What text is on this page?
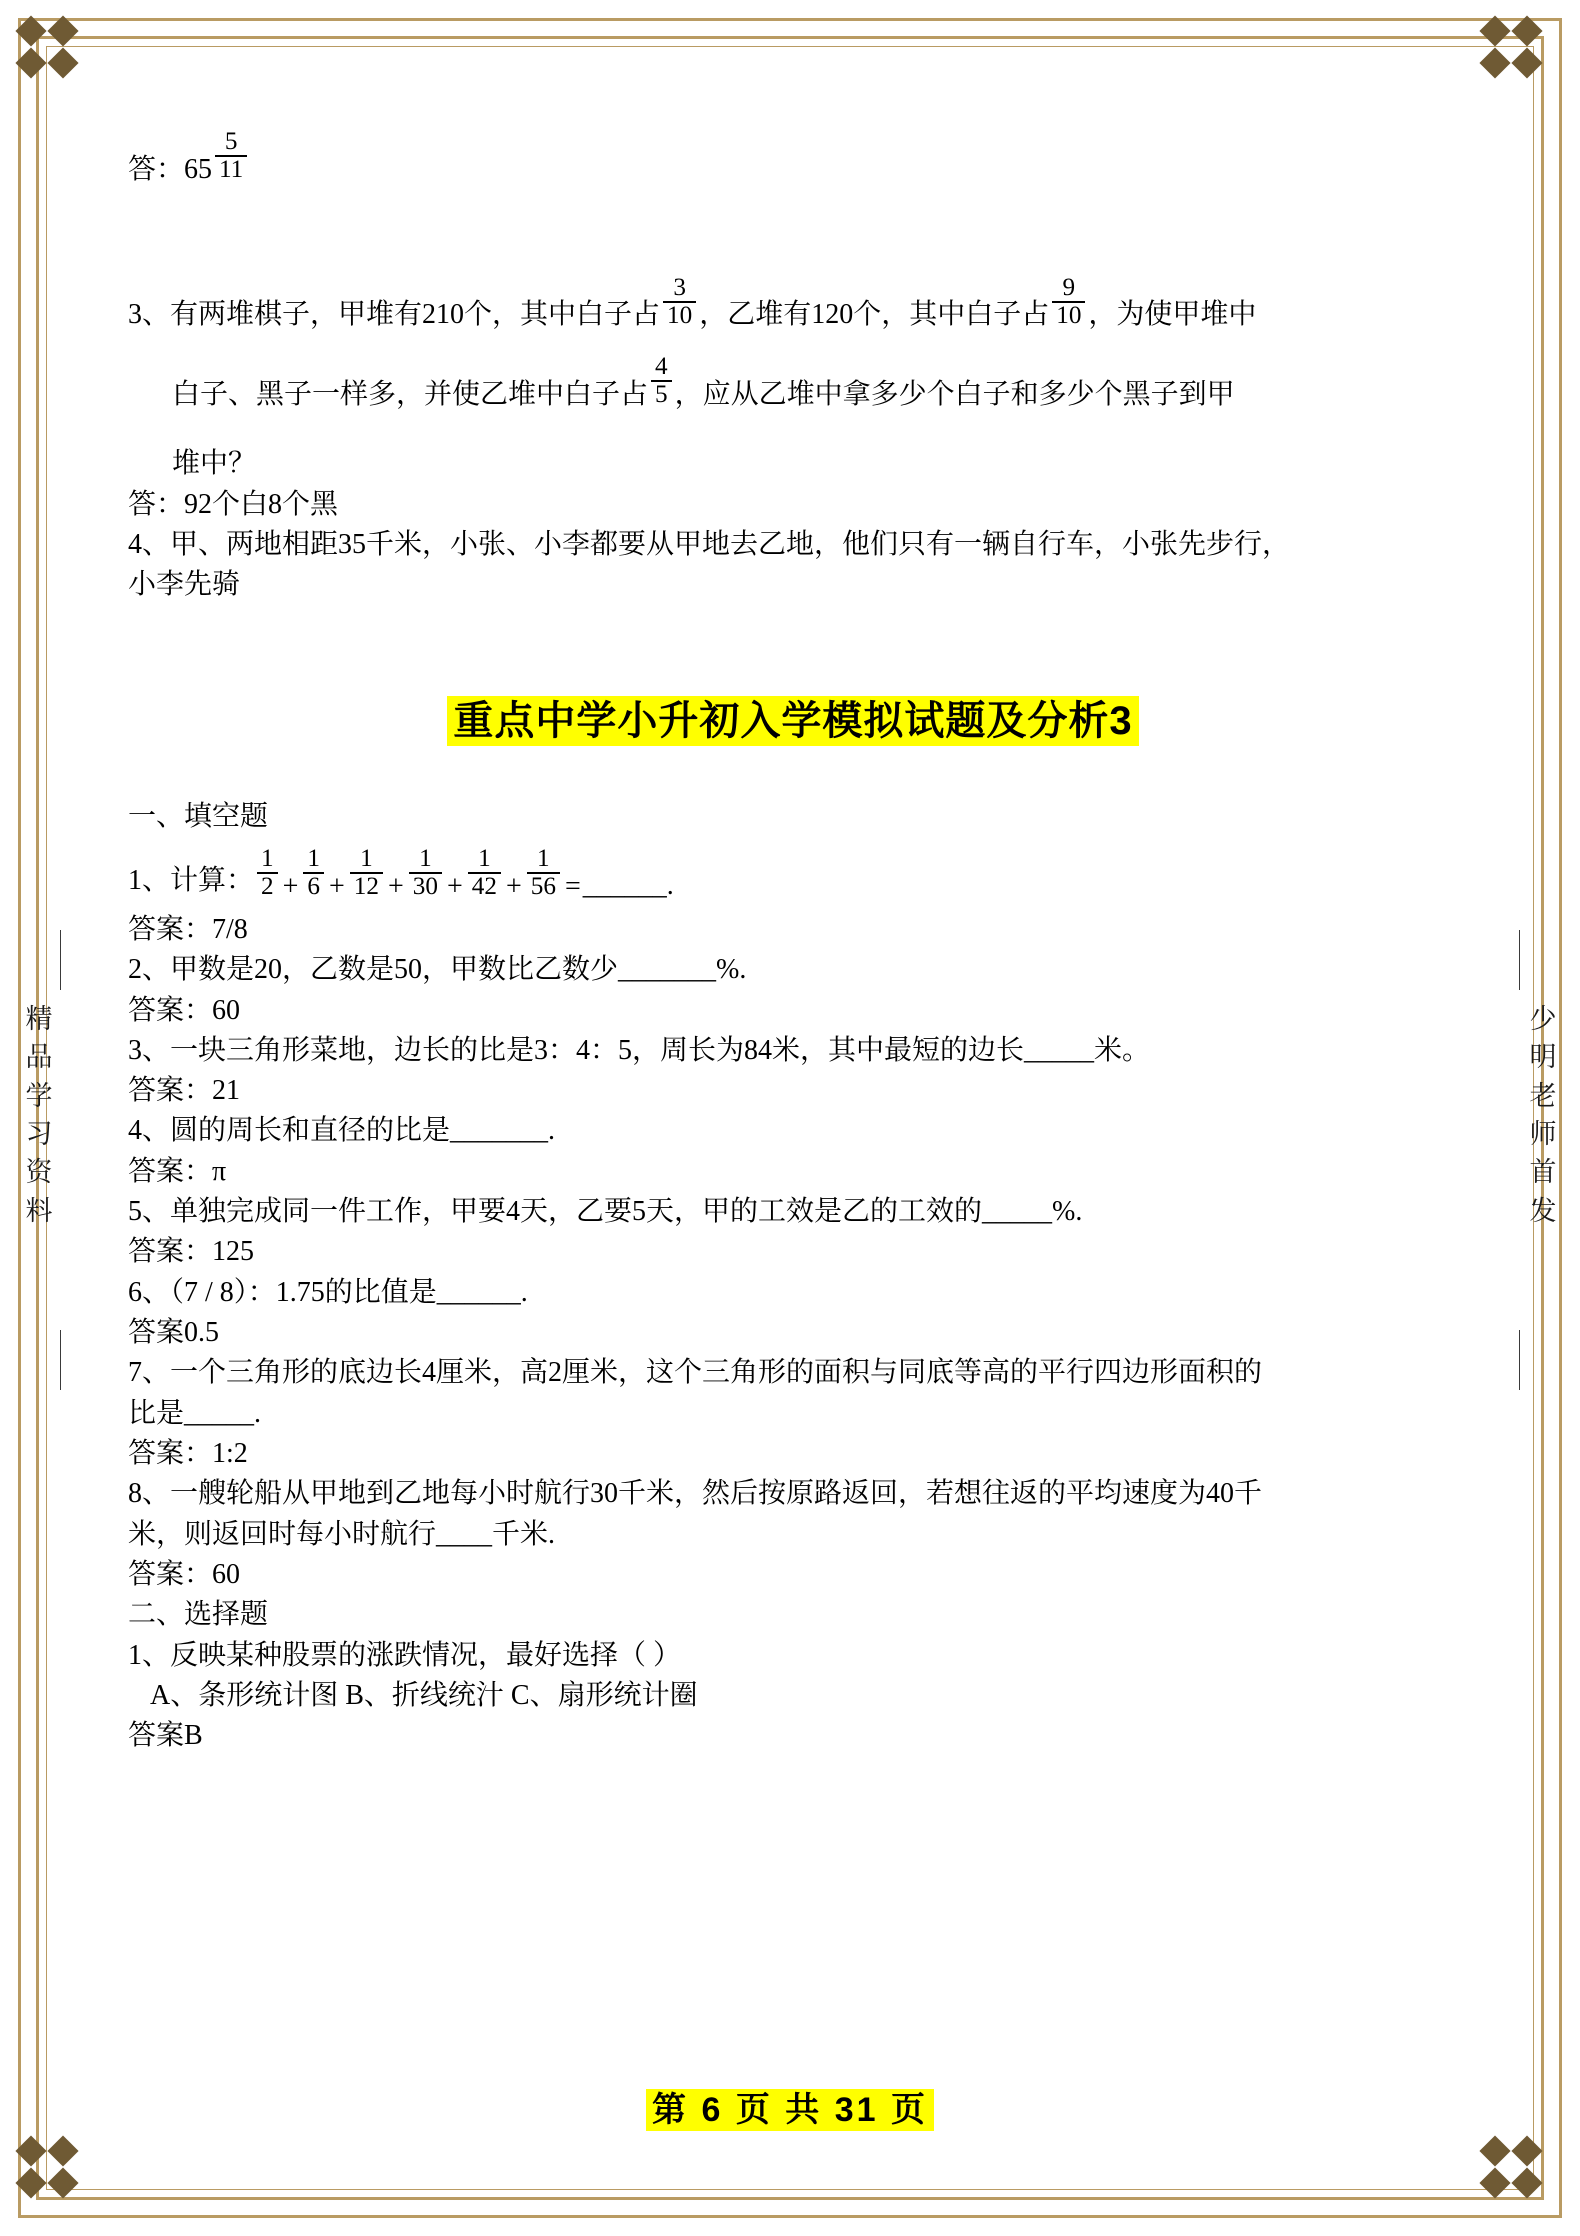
精
品
学
习
资
料
少
明
老
师
首
发
答：$65 \frac{5}{11}$
3、有两堆棋子，甲堆有210个，其中白子占 $\frac{3}{10}$ ，乙堆有120个，其中白子占 $\frac{9}{10}$ ，为使甲堆中
白子、黑子一样多，并使乙堆中白子占 $\frac{4}{5}$ ，应从乙堆中拿多少个白子和多少个黑子到甲
堆中？
答：92个白8个黑
4、甲、两地相距35千米，小张、小李都要从甲地去乙地，他们只有一辆自行车，小张先步行，
小李先骑
重点中学小升初入学模拟试题及分析3
一、填空题
1、计算： $\frac{1}{2} + \frac{1}{6} + \frac{1}{12} + \frac{1}{30} + \frac{1}{42} + \frac{1}{56}$ =______.
答案：7/8
2、甲数是20，乙数是50，甲数比乙数少_______%.
答案：60
3、一块三角形菜地，边长的比是3：4：5，周长为84米，其中最短的边长_____米。
答案：21
4、圆的周长和直径的比是_______.
答案：π
5、单独完成同一件工作，甲要4天，乙要5天，甲的工效是乙的工效的_____%.
答案：125
6、（7 / 8）：1.75的比值是______.
答案0.5
7、一个三角形的底边长4厘米，高2厘米，这个三角形的面积与同底等高的平行四边形面积的
比是_____.
答案：1:2
8、一艘轮船从甲地到乙地每小时航行30千米，然后按原路返回，若想往返的平均速度为40千
米，则返回时每小时航行____千米.
答案：60
二、选择题
1、反映某种股票的涨跌情况，最好选择（ ）
A、条形统计图 B、折线统汁 C、扇形统计圈
答案B
第 6 页 共 31 页
